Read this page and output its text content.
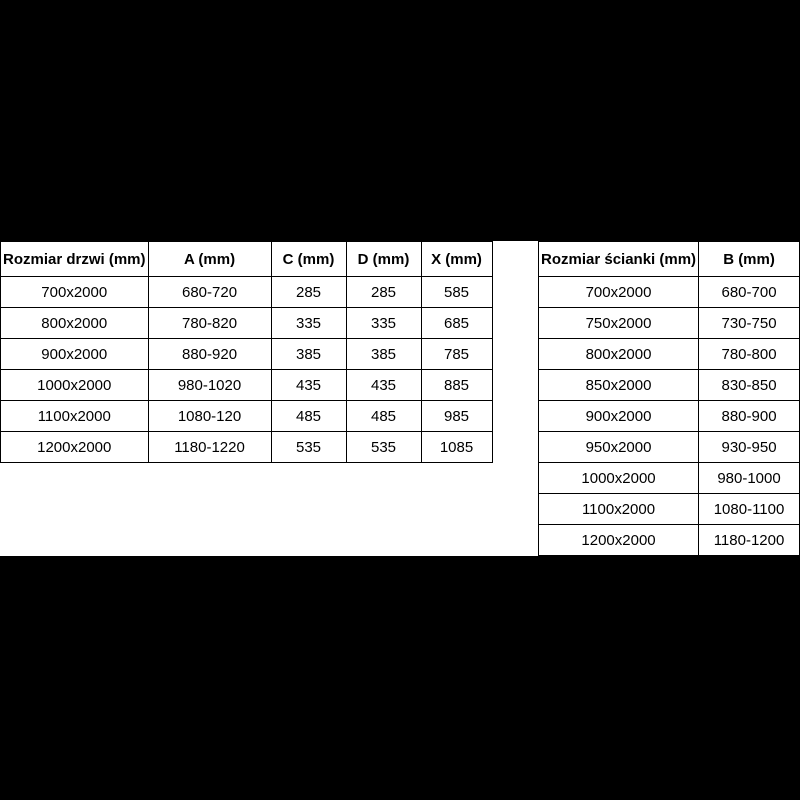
Rozmiar drzwi (mm)	A (mm)	C (mm)	D (mm)	X (mm)
700x2000	680-720	285	285	585
800x2000	780-820	335	335	685
900x2000	880-920	385	385	785
1000x2000	980-1020	435	435	885
1100x2000	1080-120	485	485	985
1200x2000	1180-1220	535	535	1085
Rozmiar ścianki (mm)	B (mm)
700x2000	680-700
750x2000	730-750
800x2000	780-800
850x2000	830-850
900x2000	880-900
950x2000	930-950
1000x2000	980-1000
1100x2000	1080-1100
1200x2000	1180-1200
